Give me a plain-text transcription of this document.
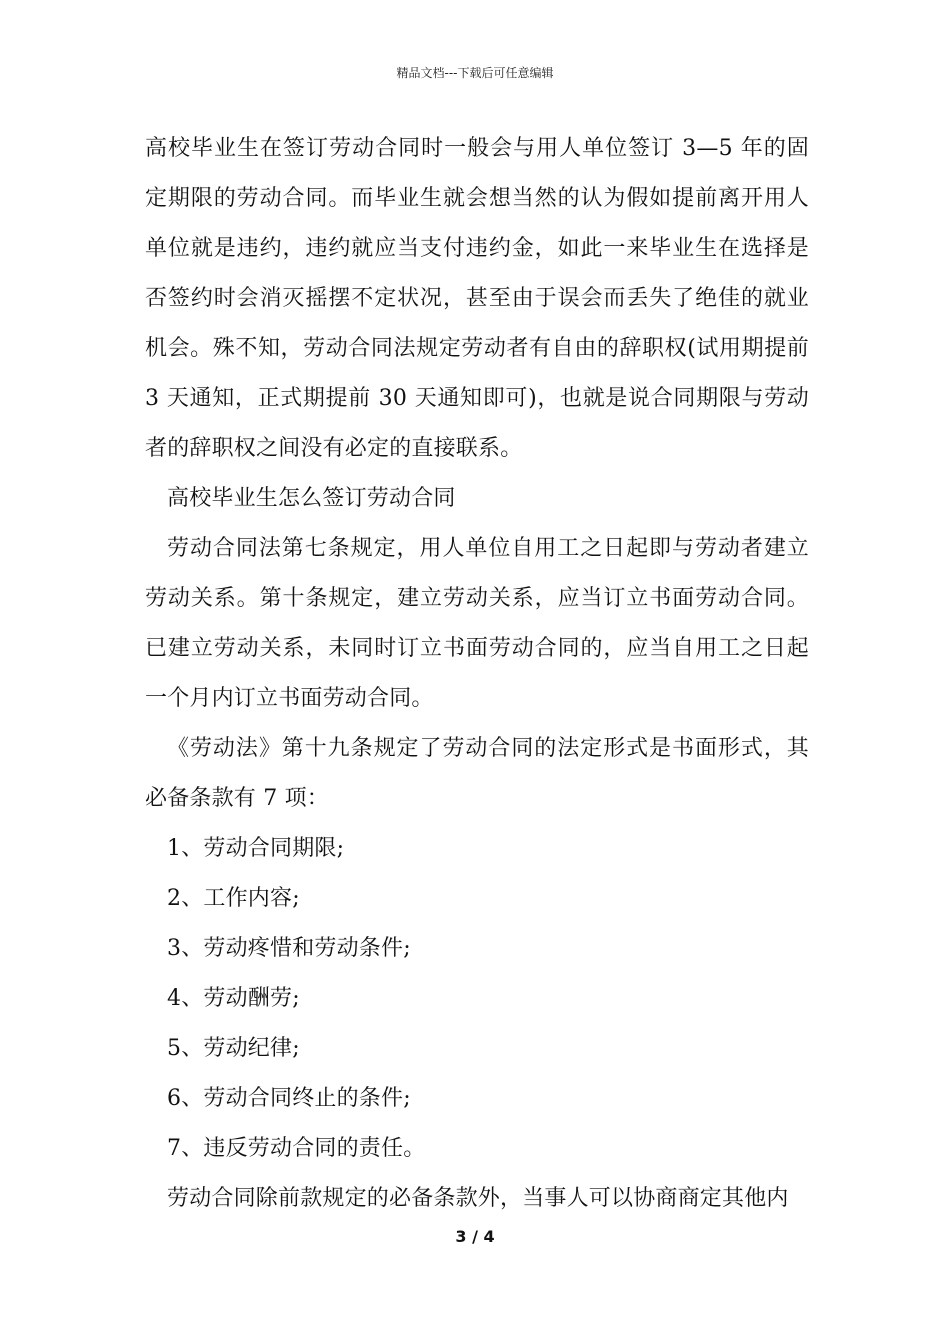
精品文档---下载后可任意编辑

高校毕业生在签订劳动合同时一般会与用人单位签订 3—5 年的固定期限的劳动合同。而毕业生就会想当然的认为假如提前离开用人单位就是违约，违约就应当支付违约金，如此一来毕业生在选择是否签约时会消灭摇摆不定状况，甚至由于误会而丢失了绝佳的就业机会。殊不知，劳动合同法规定劳动者有自由的辞职权(试用期提前 3 天通知，正式期提前 30 天通知即可)，也就是说合同期限与劳动者的辞职权之间没有必定的直接联系。

高校毕业生怎么签订劳动合同

劳动合同法第七条规定，用人单位自用工之日起即与劳动者建立劳动关系。第十条规定，建立劳动关系，应当订立书面劳动合同。已建立劳动关系，未同时订立书面劳动合同的，应当自用工之日起一个月内订立书面劳动合同。

《劳动法》第十九条规定了劳动合同的法定形式是书面形式，其必备条款有 7 项：

1、劳动合同期限;

2、工作内容;

3、劳动疼惜和劳动条件;

4、劳动酬劳;

5、劳动纪律;

6、劳动合同终止的条件;

7、违反劳动合同的责任。

劳动合同除前款规定的必备条款外，当事人可以协商商定其他内

3 / 4
